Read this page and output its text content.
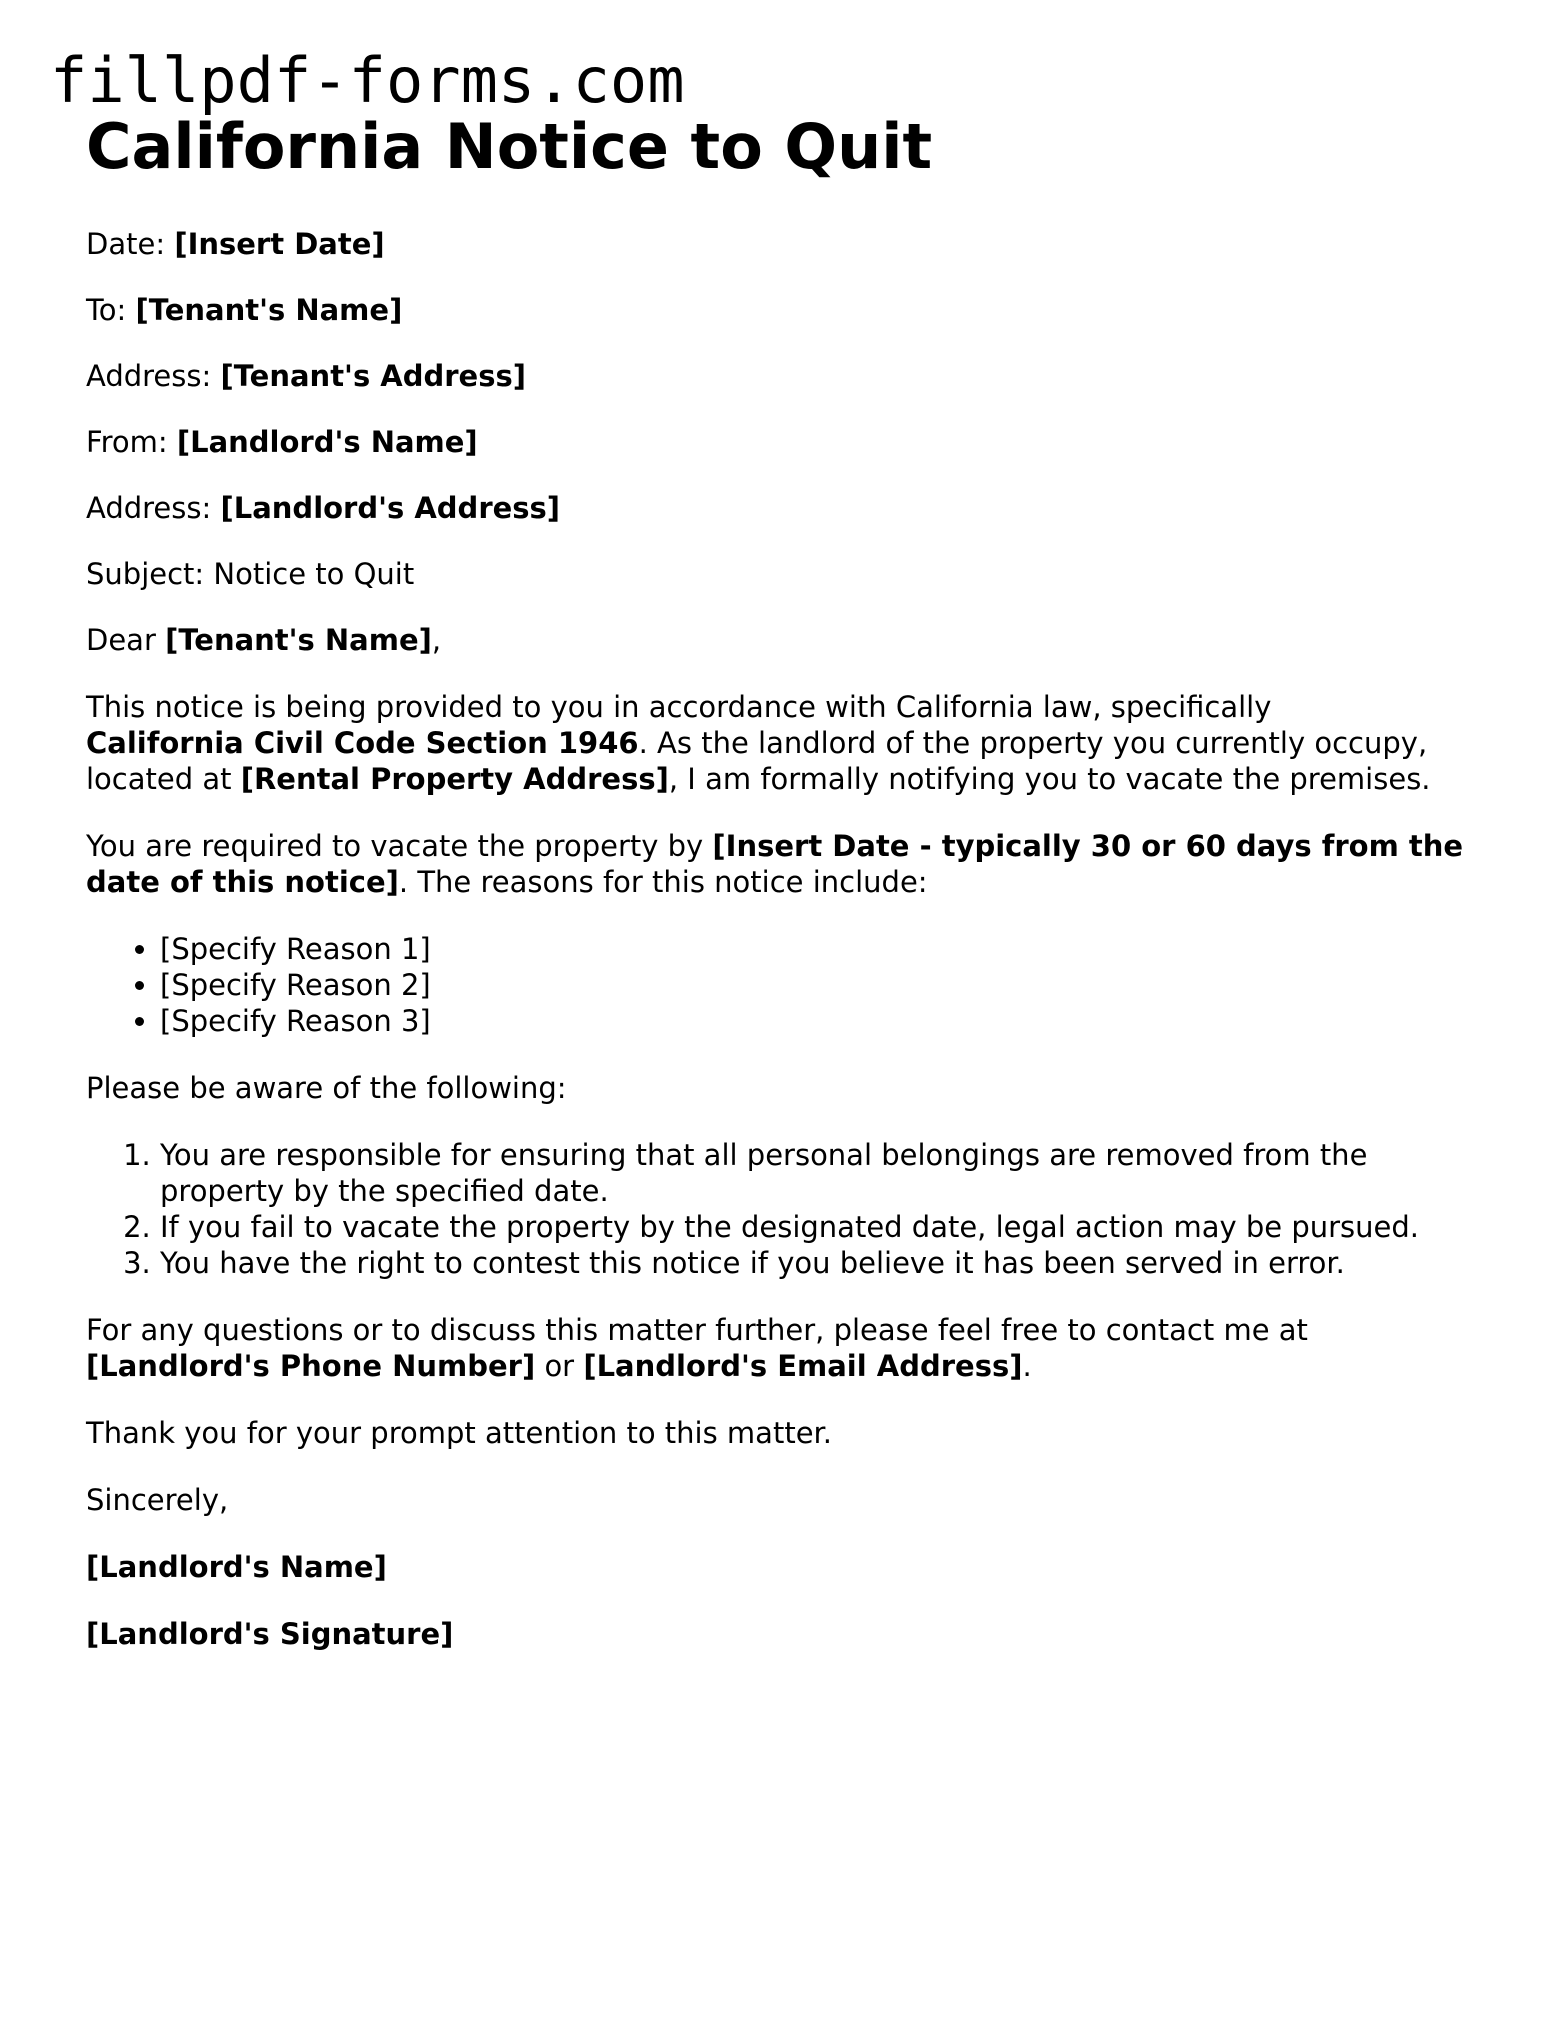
fillpdf-forms.com
California Notice to Quit

Date: [Insert Date]

To: [Tenant's Name]

Address: [Tenant's Address]

From: [Landlord's Name]

Address: [Landlord's Address]

Subject: Notice to Quit

Dear [Tenant's Name],

This notice is being provided to you in accordance with California law, specifically
California Civil Code Section 1946. As the landlord of the property you currently occupy, located at [Rental Property Address], I am formally notifying you to vacate the premises.

You are required to vacate the property by [Insert Date - typically 30 or 60 days from the date of this notice]. The reasons for this notice include:

• [Specify Reason 1]
• [Specify Reason 2]
• [Specify Reason 3]

Please be aware of the following:

1. You are responsible for ensuring that all personal belongings are removed from the property by the specified date.
2. If you fail to vacate the property by the designated date, legal action may be pursued.
3. You have the right to contest this notice if you believe it has been served in error.

For any questions or to discuss this matter further, please feel free to contact me at
[Landlord's Phone Number] or [Landlord's Email Address].

Thank you for your prompt attention to this matter.

Sincerely,

[Landlord's Name]

[Landlord's Signature]
